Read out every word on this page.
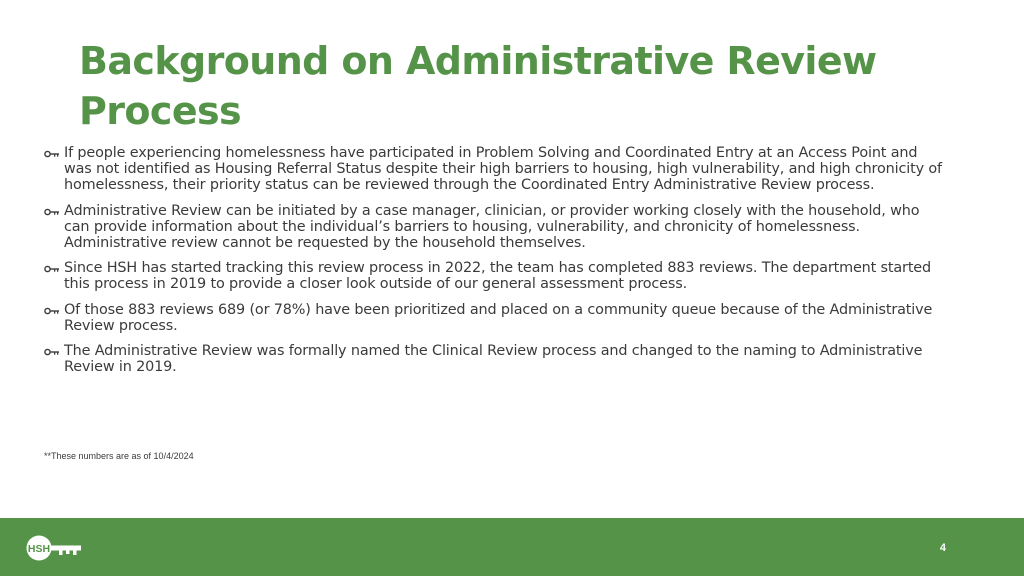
Background on Administrative Review Process
If people experiencing homelessness have participated in Problem Solving and Coordinated Entry at an Access Point and was not identified as Housing Referral Status despite their high barriers to housing, high vulnerability, and high chronicity of homelessness, their priority status can be reviewed through the Coordinated Entry Administrative Review process.
Administrative Review can be initiated by a case manager, clinician, or provider working closely with the household, who can provide information about the individual’s barriers to housing, vulnerability, and chronicity of homelessness. Administrative review cannot be requested by the household themselves.
Since HSH has started tracking this review process in 2022, the team has completed 883 reviews. The department started this process in 2019 to provide a closer look outside of our general assessment process.
Of those 883 reviews 689 (or 78%) have been prioritized and placed on a community queue because of the Administrative Review process.
The Administrative Review was formally named the Clinical Review process and changed to the naming to Administrative Review in 2019.
**These numbers are as of 10/4/2024
HSH	4
